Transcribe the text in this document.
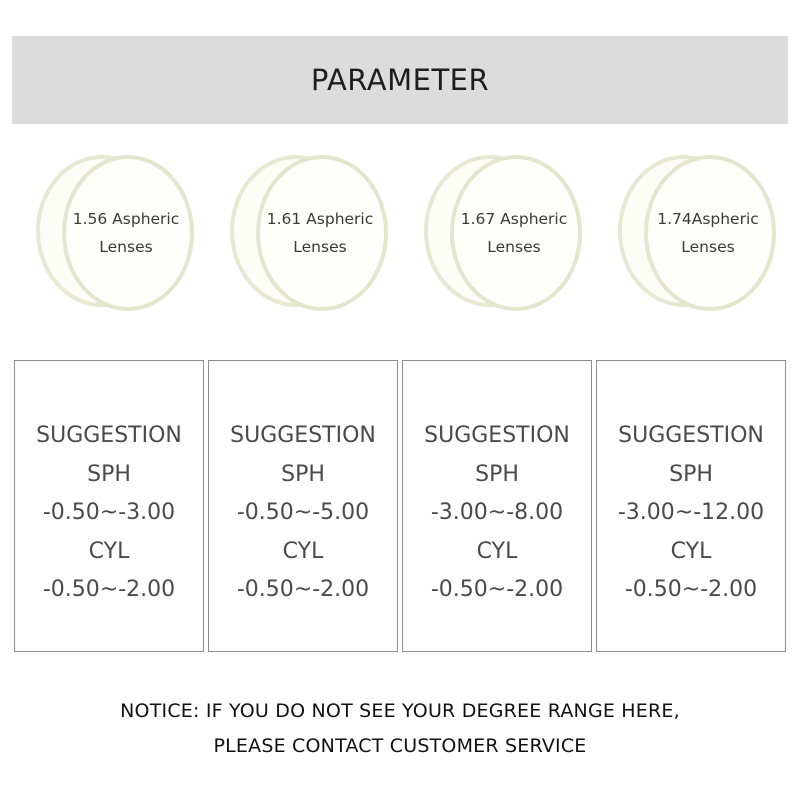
PARAMETER
1.56 Aspheric
Lenses
1.61 Aspheric
Lenses
1.67 Aspheric
Lenses
1.74Aspheric
Lenses
SUGGESTION
SPH
-0.50~-3.00
CYL
-0.50~-2.00
SUGGESTION
SPH
-0.50~-5.00
CYL
-0.50~-2.00
SUGGESTION
SPH
-3.00~-8.00
CYL
-0.50~-2.00
SUGGESTION
SPH
-3.00~-12.00
CYL
-0.50~-2.00
NOTICE: IF YOU DO NOT SEE YOUR DEGREE RANGE HERE,
PLEASE CONTACT CUSTOMER SERVICE
